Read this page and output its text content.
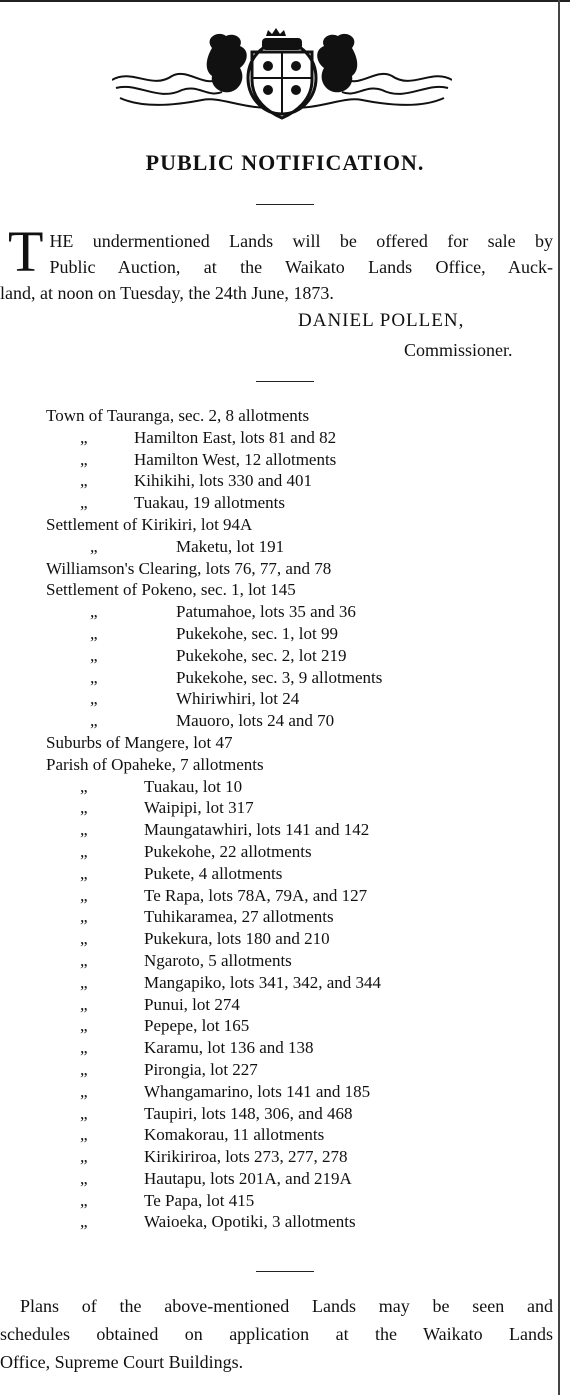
PUBLIC NOTIFICATION.
T HE undermentioned Lands will be offered for sale by
Public Auction, at the Waikato Lands Office, Auck-
land, at noon on Tuesday, the 24th June, 1873.
DANIEL POLLEN,
Commissioner.
Town of Tauranga, sec. 2, 8 allotments
„	Hamilton East, lots 81 and 82
„	Hamilton West, 12 allotments
„	Kihikihi, lots 330 and 401
„	Tuakau, 19 allotments
Settlement of Kirikiri, lot 94A
„	Maketu, lot 191
Williamson's Clearing, lots 76, 77, and 78
Settlement of Pokeno, sec. 1, lot 145
„	Patumahoe, lots 35 and 36
„	Pukekohe, sec. 1, lot 99
„	Pukekohe, sec. 2, lot 219
„	Pukekohe, sec. 3, 9 allotments
„	Whiriwhiri, lot 24
„	Mauoro, lots 24 and 70
Suburbs of Mangere, lot 47
Parish of Opaheke, 7 allotments
„	Tuakau, lot 10
„	Waipipi, lot 317
„	Maungatawhiri, lots 141 and 142
„	Pukekohe, 22 allotments
„	Pukete, 4 allotments
„	Te Rapa, lots 78A, 79A, and 127
„	Tuhikaramea, 27 allotments
„	Pukekura, lots 180 and 210
„	Ngaroto, 5 allotments
„	Mangapiko, lots 341, 342, and 344
„	Punui, lot 274
„	Pepepe, lot 165
„	Karamu, lot 136 and 138
„	Pirongia, lot 227
„	Whangamarino, lots 141 and 185
„	Taupiri, lots 148, 306, and 468
„	Komakorau, 11 allotments
„	Kirikiriroa, lots 273, 277, 278
„	Hautapu, lots 201A, and 219A
„	Te Papa, lot 415
„	Waioeka, Opotiki, 3 allotments
Plans of the above-mentioned Lands may be seen and
schedules obtained on application at the Waikato Lands
Office, Supreme Court Buildings.
